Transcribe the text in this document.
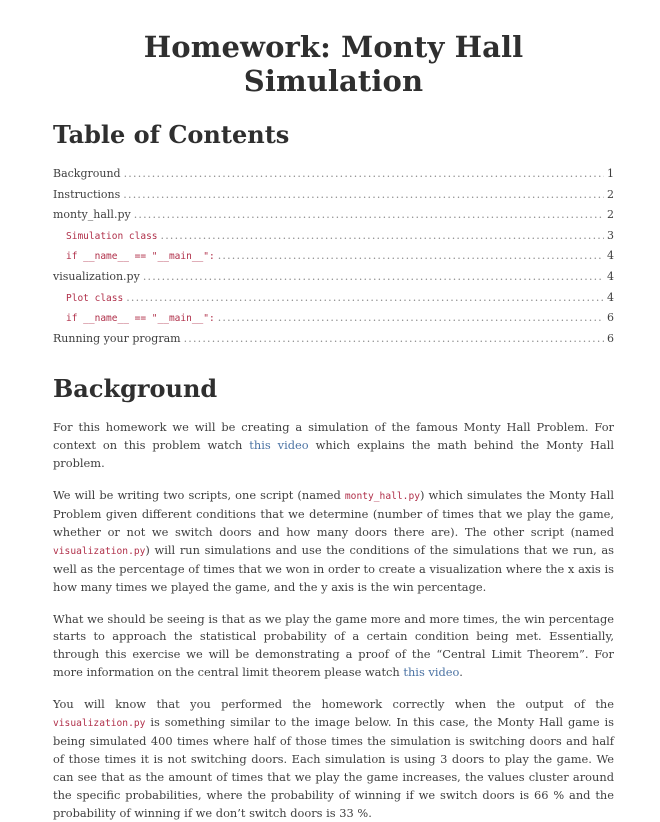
Homework: Monty Hall Simulation
Table of Contents
Background .....	1
Instructions .....	2
monty_hall.py .....	2
Simulation class .....	3
if __name__ == "__main__": .....	4
visualization.py .....	4
Plot class .....	4
if __name__ == "__main__": .....	6
Running your program .....	6
Background

For this homework we will be creating a simulation of the famous Monty Hall Problem. For context on this problem watch this video which explains the math behind the Monty Hall problem.

We will be writing two scripts, one script (named monty_hall.py) which simulates the Monty Hall Problem given different conditions that we determine (number of times that we play the game, whether or not we switch doors and how many doors there are). The other script (named visualization.py) will run simulations and use the conditions of the simulations that we run, as well as the percentage of times that we won in order to create a visualization where the x axis is how many times we played the game, and the y axis is the win percentage.

What we should be seeing is that as we play the game more and more times, the win percentage starts to approach the statistical probability of a certain condition being met. Essentially, through this exercise we will be demonstrating a proof of the “Central Limit Theorem”. For more information on the central limit theorem please watch this video.

You will know that you performed the homework correctly when the output of the visualization.py is something similar to the image below. In this case, the Monty Hall game is being simulated 400 times where half of those times the simulation is switching doors and half of those times it is not switching doors. Each simulation is using 3 doors to play the game. We can see that as the amount of times that we play the game increases, the values cluster around the specific probabilities, where the probability of winning if we switch doors is 66 % and the probability of winning if we don’t switch doors is 33 %.
